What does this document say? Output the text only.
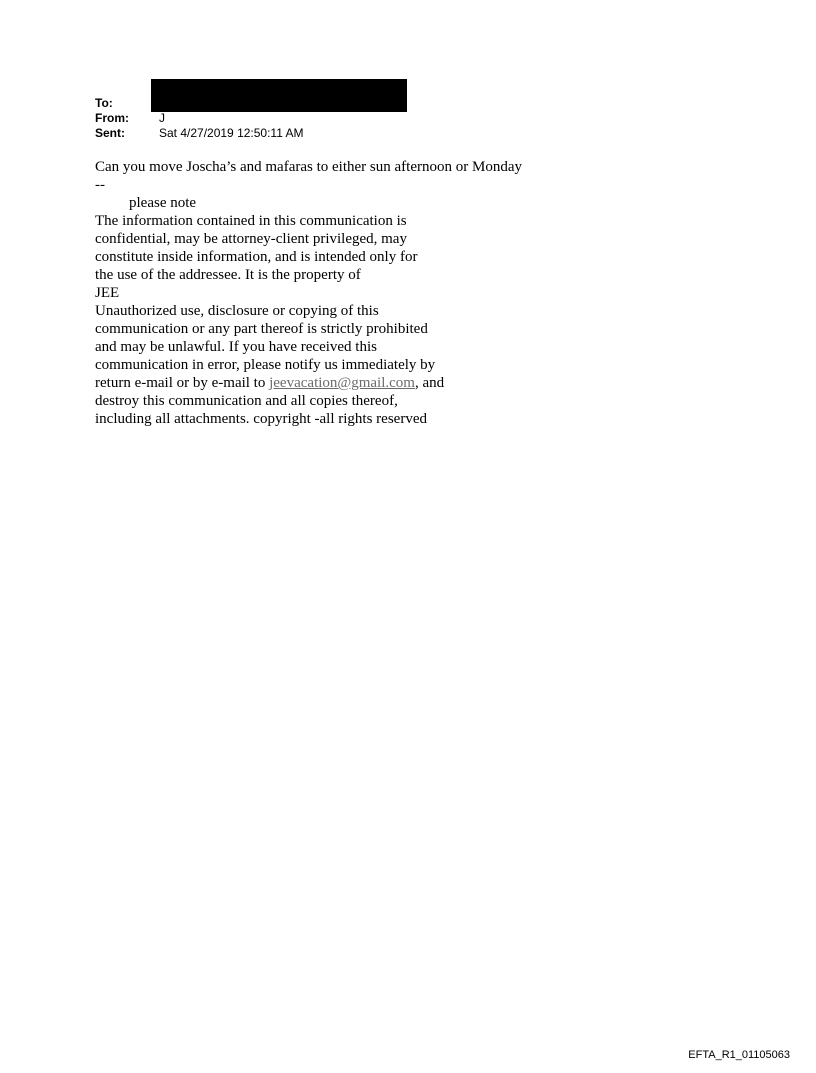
To:
From:	J
Sent:	Sat 4/27/2019 12:50:11 AM
Can you move Joscha’s and mafaras to either sun afternoon or Monday
--
please note
The information contained in this communication is
confidential, may be attorney-client privileged, may
constitute inside information, and is intended only for
the use of the addressee. It is the property of
JEE
Unauthorized use, disclosure or copying of this
communication or any part thereof is strictly prohibited
and may be unlawful. If you have received this
communication in error, please notify us immediately by
return e-mail or by e-mail to jeevacation@gmail.com, and
destroy this communication and all copies thereof,
including all attachments. copyright -all rights reserved
EFTA_R1_01105063
